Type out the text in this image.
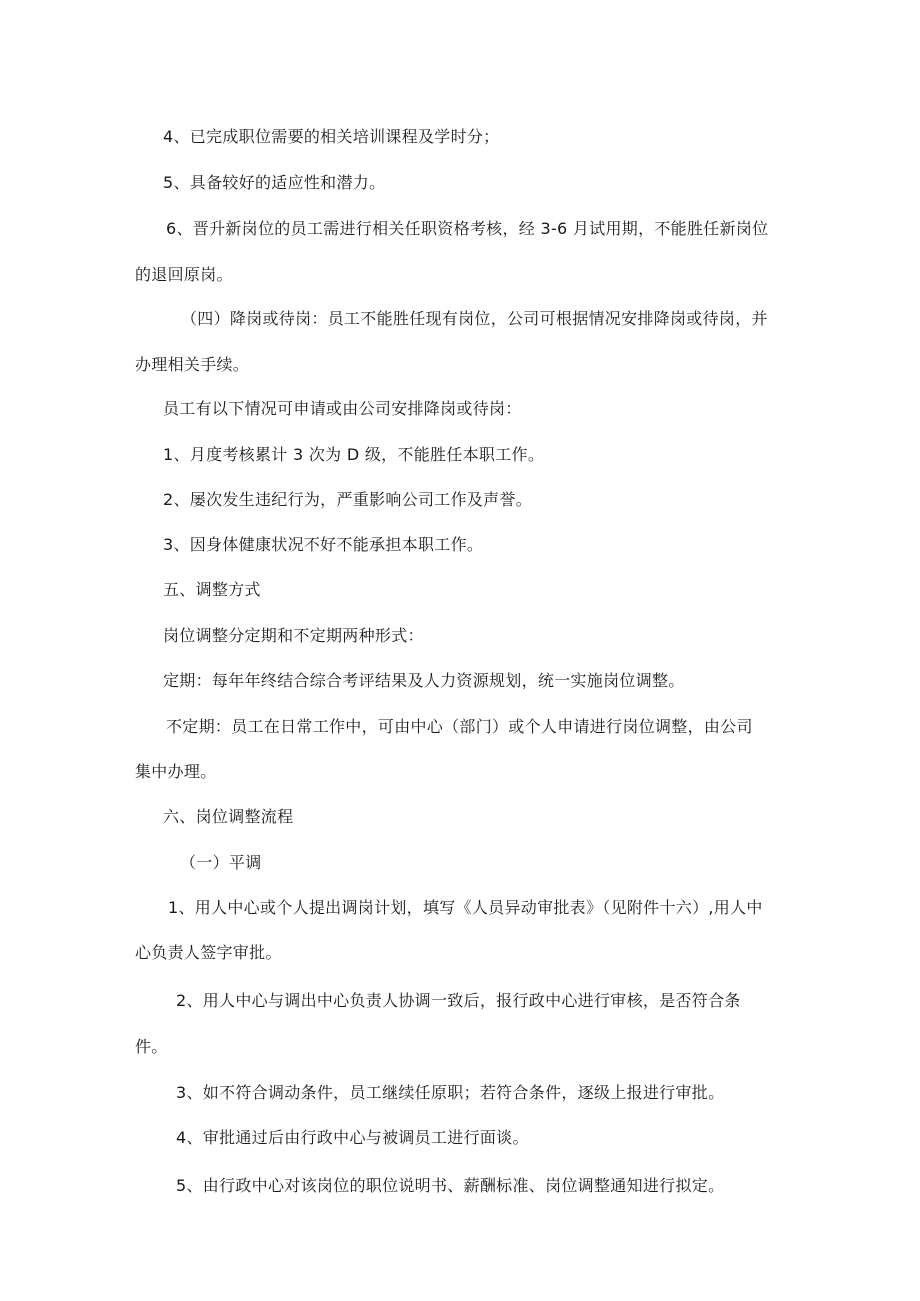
4、已完成职位需要的相关培训课程及学时分；

5、具备较好的适应性和潜力。

6、晋升新岗位的员工需进行相关任职资格考核，经 3-6 月试用期，不能胜任新岗位

的退回原岗。

（四）降岗或待岗：员工不能胜任现有岗位，公司可根据情况安排降岗或待岗，并

办理相关手续。

员工有以下情况可申请或由公司安排降岗或待岗：

1、月度考核累计 3 次为 D 级，不能胜任本职工作。

2、屡次发生违纪行为，严重影响公司工作及声誉。

3、因身体健康状况不好不能承担本职工作。

五、调整方式

岗位调整分定期和不定期两种形式：

定期：每年年终结合综合考评结果及人力资源规划，统一实施岗位调整。

不定期：员工在日常工作中，可由中心（部门）或个人申请进行岗位调整，由公司

集中办理。

六、岗位调整流程

（一）平调

1、用人中心或个人提出调岗计划，填写《人员异动审批表》（见附件十六）,用人中

心负责人签字审批。

2、用人中心与调出中心负责人协调一致后，报行政中心进行审核，是否符合条

件。

3、如不符合调动条件，员工继续任原职；若符合条件，逐级上报进行审批。

4、审批通过后由行政中心与被调员工进行面谈。

5、由行政中心对该岗位的职位说明书、薪酬标准、岗位调整通知进行拟定。
